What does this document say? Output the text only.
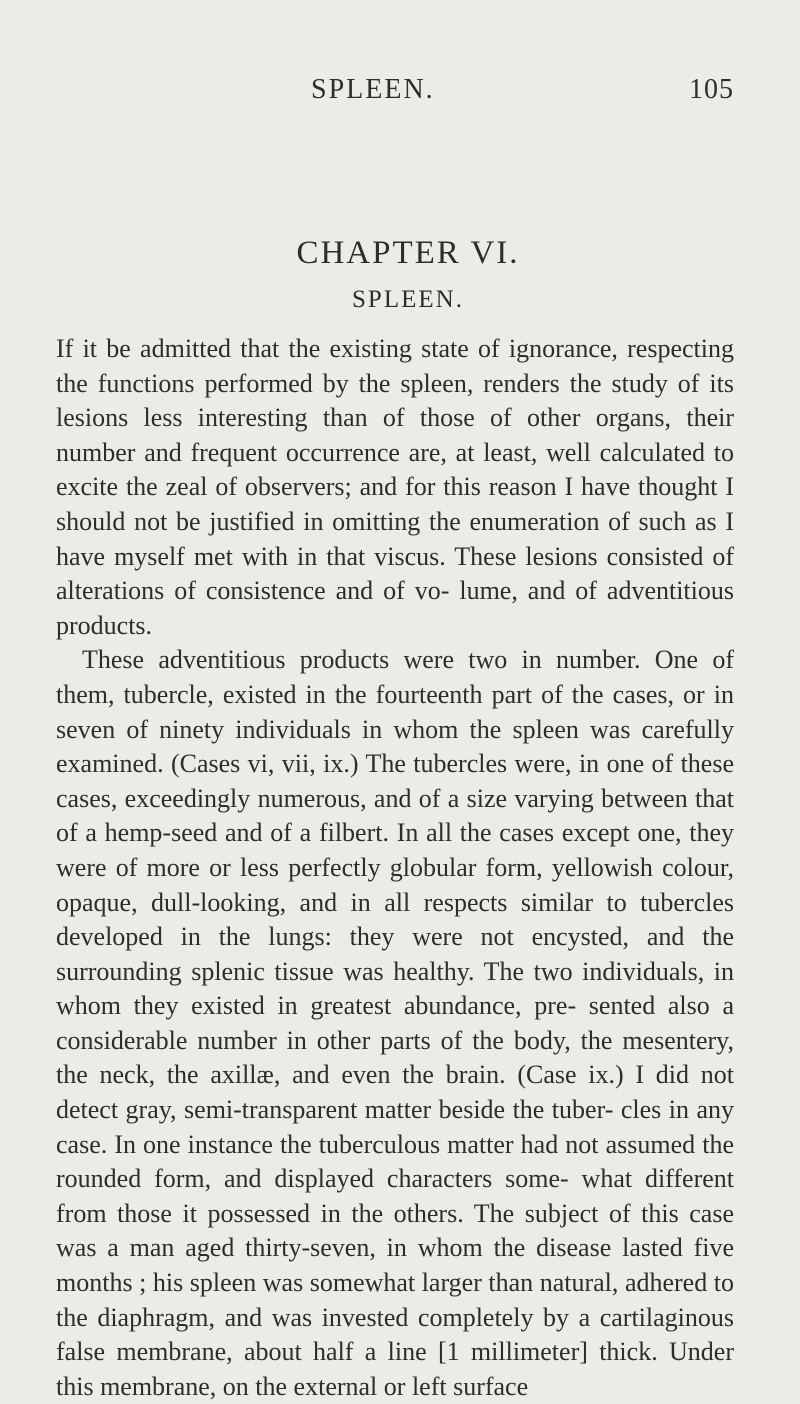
SPLEEN.	105
CHAPTER VI.
SPLEEN.

If it be admitted that the existing state of ignorance, respecting the functions performed by the spleen, renders the study of its lesions less interesting than of those of other organs, their number and frequent occurrence are, at least, well calculated to excite the zeal of observers; and for this reason I have thought I should not be justified in omitting the enumeration of such as I have myself met with in that viscus. These lesions consisted of alterations of consistence and of vo- lume, and of adventitious products.

These adventitious products were two in number. One of them, tubercle, existed in the fourteenth part of the cases, or in seven of ninety individuals in whom the spleen was carefully examined. (Cases vi, vii, ix.) The tubercles were, in one of these cases, exceedingly numerous, and of a size varying between that of a hemp-seed and of a filbert. In all the cases except one, they were of more or less perfectly globular form, yellowish colour, opaque, dull-looking, and in all respects similar to tubercles developed in the lungs: they were not encysted, and the surrounding splenic tissue was healthy. The two individuals, in whom they existed in greatest abundance, pre- sented also a considerable number in other parts of the body, the mesentery, the neck, the axillæ, and even the brain. (Case ix.) I did not detect gray, semi-transparent matter beside the tuber- cles in any case. In one instance the tuberculous matter had not assumed the rounded form, and displayed characters some- what different from those it possessed in the others. The subject of this case was a man aged thirty-seven, in whom the disease lasted five months ; his spleen was somewhat larger than natural, adhered to the diaphragm, and was invested completely by a cartilaginous false membrane, about half a line [1 millimeter] thick. Under this membrane, on the external or left surface
